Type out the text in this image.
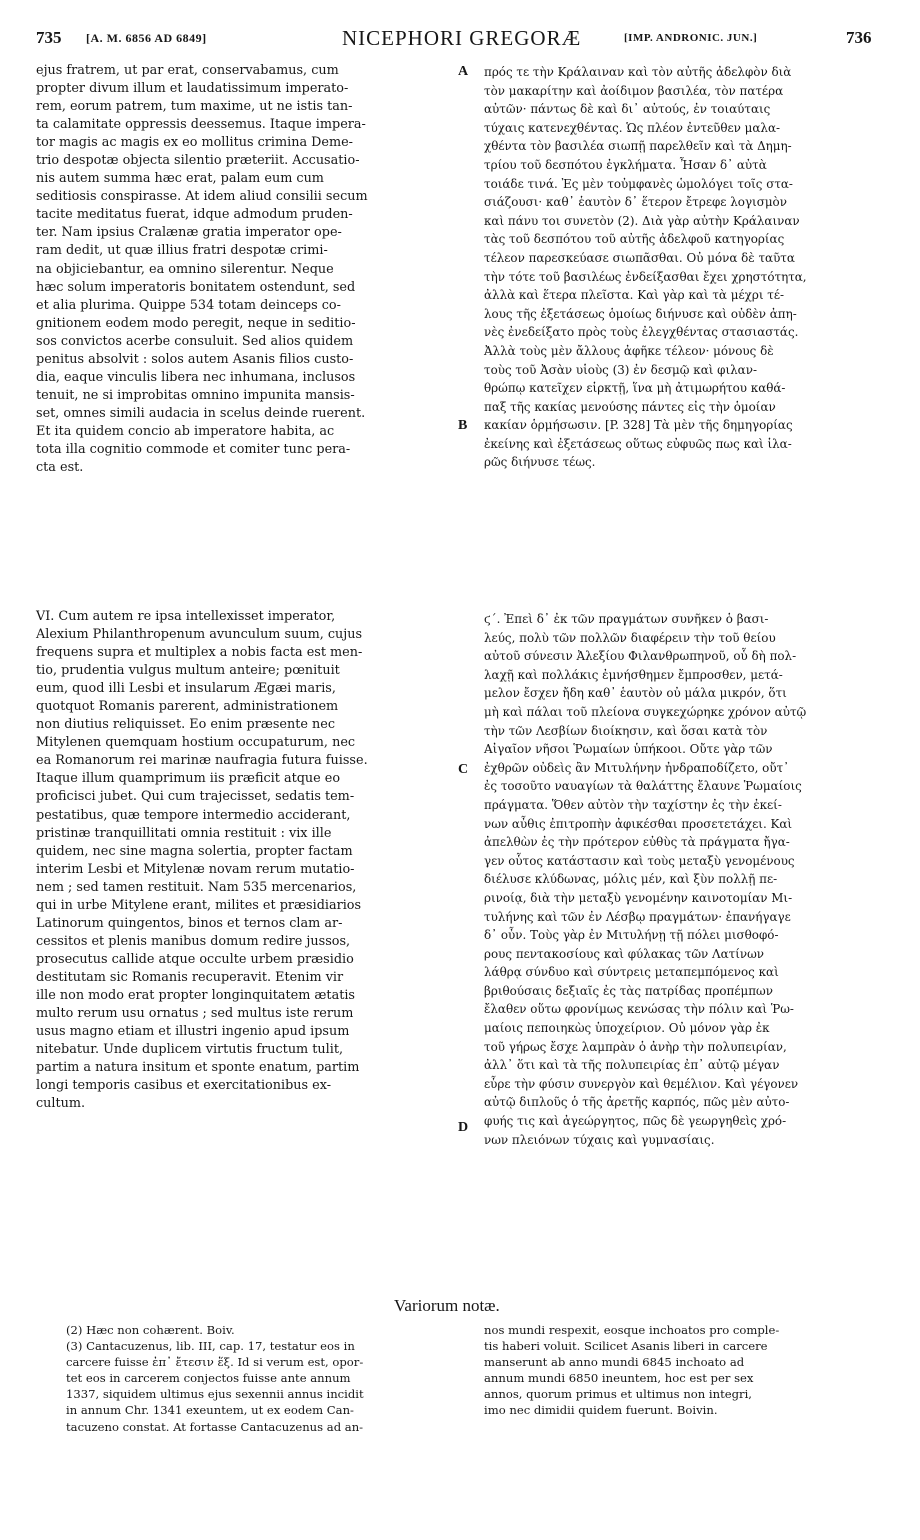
735 [A. M. 6856 AD 6849]	NICEPHORI GREGORÆ	[IMP. ANDRONIC. JUN.]	736
ejus fratrem, ut par erat, conservabamus, cum
propter divum illum et laudatissimum imperato-
rem, eorum patrem, tum maxime, ut ne istis tan-
ta calamitate oppressis deessemus. Itaque impera-
tor magis ac magis ex eo mollitus crimina Deme-
trio despotæ objecta silentio præteriit. Accusatio-
nis autem summa hæc erat, palam eum cum
seditiosis conspirasse. At idem aliud consilii secum
tacite meditatus fuerat, idque admodum pruden-
ter. Nam ipsius Cralænæ gratia imperator ope-
ram dedit, ut quæ illius fratri despotæ crimi-
na objiciebantur, ea omnino silerentur. Neque
hæc solum imperatoris bonitatem ostendunt, sed
et alia plurima. Quippe 534 totam deinceps co-
gnitionem eodem modo peregit, neque in seditio-
sos convictos acerbe consuluit. Sed alios quidem
penitus absolvit : solos autem Asanis filios custo-
dia, eaque vinculis libera nec inhumana, inclusos
tenuit, ne si improbitas omnino impunita mansis-
set, omnes simili audacia in scelus deinde ruerent.
Et ita quidem concio ab imperatore habita, ac
tota illa cognitio commode et comiter tunc pera-
cta est.
πρός τε τὴν Κράλαιναν καὶ τὸν αὐτῆς ἀδελφὸν διὰ
τὸν μακαρίτην καὶ ἀοίδιμον βασιλέα, τὸν πατέρα
αὐτῶν· πάντως δὲ καὶ δι᾽ αὐτούς, ἐν τοιαύταις
τύχαις κατενεχθέντας. Ὡς πλέον ἐντεῦθεν μαλα-
χθέντα τὸν βασιλέα σιωπῇ παρελθεῖν καὶ τὰ Δημη-
τρίου τοῦ δεσπότου ἐγκλήματα. Ἦσαν δ᾽ αὐτὰ
τοιάδε τινά. Ἐς μὲν τοὐμφανὲς ὡμολόγει τοῖς στα-
σιάζουσι· καθ᾽ ἑαυτὸν δ᾽ ἕτερον ἔτρεφε λογισμὸν
καὶ πάνυ τοι συνετὸν (2). Διὰ γὰρ αὐτὴν Κράλαιναν
τὰς τοῦ δεσπότου τοῦ αὐτῆς ἀδελφοῦ κατηγορίας
τέλεον παρεσκεύασε σιωπᾶσθαι. Οὐ μόνα δὲ ταῦτα
τὴν τότε τοῦ βασιλέως ἐνδείξασθαι ἔχει χρηστότητα,
ἀλλὰ καὶ ἕτερα πλεῖστα. Καὶ γὰρ καὶ τὰ μέχρι τέ-
λους τῆς ἐξετάσεως ὁμοίως διήνυσε καὶ οὐδὲν ἀπη-
νὲς ἐνεδείξατο πρὸς τοὺς ἐλεγχθέντας στασιαστάς.
Ἀλλὰ τοὺς μὲν ἄλλους ἀφῆκε τέλεον· μόνους δὲ
τοὺς τοῦ Ἀσὰν υἱοὺς (3) ἐν δεσμῷ καὶ φιλαν-
θρώπῳ κατεῖχεν εἱρκτῇ, ἵνα μὴ ἀτιμωρήτου καθά-
παξ τῆς κακίας μενούσης πάντες εἰς τὴν ὁμοίαν
κακίαν ὁρμήσωσιν. [P. 328] Τὰ μὲν τῆς δημηγορίας
ἐκείνης καὶ ἐξετάσεως οὕτως εὐφυῶς πως καὶ ἱλα-
ρῶς διήνυσε τέως.
VI. Cum autem re ipsa intellexisset imperator,
Alexium Philanthropenum avunculum suum, cujus
frequens supra et multiplex a nobis facta est men-
tio, prudentia vulgus multum anteire; pœnituit
eum, quod illi Lesbi et insularum Ægæi maris,
quotquot Romanis parerent, administrationem
non diutius reliquisset. Eo enim præsente nec
Mitylenen quemquam hostium occupaturum, nec
ea Romanorum rei marinæ naufragia futura fuisse.
Itaque illum quamprimum iis præficit atque eo
proficisci jubet. Qui cum trajecisset, sedatis tem-
pestatibus, quæ tempore intermedio acciderant,
pristinæ tranquillitati omnia restituit : vix ille
quidem, nec sine magna solertia, propter factam
interim Lesbi et Mitylenæ novam rerum mutatio-
nem ; sed tamen restituit. Nam 535 mercenarios,
qui in urbe Mitylene erant, milites et præsidiarios
Latinorum quingentos, binos et ternos clam ar-
cessitos et plenis manibus domum redire jussos,
prosecutus callide atque occulte urbem præsidio
destitutam sic Romanis recuperavit. Etenim vir
ille non modo erat propter longinquitatem ætatis
multo rerum usu ornatus ; sed multus iste rerum
usus magno etiam et illustri ingenio apud ipsum
nitebatur. Unde duplicem virtutis fructum tulit,
partim a natura insitum et sponte enatum, partim
longi temporis casibus et exercitationibus ex-
cultum.
ϛ΄. Ἐπεὶ δ᾽ ἐκ τῶν πραγμάτων συνῆκεν ὁ βασι-
λεύς, πολὺ τῶν πολλῶν διαφέρειν τὴν τοῦ θείου
αὐτοῦ σύνεσιν Ἀλεξίου Φιλανθρωπηνοῦ, οὗ δὴ πολ-
λαχῇ καὶ πολλάκις ἐμνήσθημεν ἔμπροσθεν, μετά-
μελον ἔσχεν ἤδη καθ᾽ ἑαυτὸν οὐ μάλα μικρόν, ὅτι
μὴ καὶ πάλαι τοῦ πλείονα συγκεχώρηκε χρόνον αὐτῷ
τὴν τῶν Λεσβίων διοίκησιν, καὶ ὅσαι κατὰ τὸν
Αἰγαῖον νῆσοι Ῥωμαίων ὑπήκοοι. Οὔτε γὰρ τῶν
ἐχθρῶν οὐδεὶς ἂν Μιτυλήνην ἠνδραποδίζετο, οὔτ᾽
ἐς τοσοῦτο ναυαγίων τὰ θαλάττης ἔλαυνε Ῥωμαίοις
πράγματα. Ὅθεν αὐτὸν τὴν ταχίστην ἐς τὴν ἐκεί-
νων αὖθις ἐπιτροπὴν ἀφικέσθαι προσετετάχει. Καὶ
ἀπελθὼν ἐς τὴν πρότερον εὐθὺς τὰ πράγματα ἤγα-
γεν οὗτος κατάστασιν καὶ τοὺς μεταξὺ γενομένους
διέλυσε κλύδωνας, μόλις μέν, καὶ ξὺν πολλῇ πε-
ρινοίᾳ, διὰ τὴν μεταξὺ γενομένην καινοτομίαν Μι-
τυλήνης καὶ τῶν ἐν Λέσβῳ πραγμάτων· ἐπανήγαγε
δ᾽ οὖν. Τοὺς γὰρ ἐν Μιτυλήνῃ τῇ πόλει μισθοφό-
ρους πεντακοσίους καὶ φύλακας τῶν Λατίνων
λάθρᾳ σύνδυο καὶ σύντρεις μεταπεμπόμενος καὶ
βριθούσαις δεξιαῖς ἐς τὰς πατρίδας προπέμπων
ἔλαθεν οὕτω φρονίμως κενώσας τὴν πόλιν καὶ Ῥω-
μαίοις πεποιηκὼς ὑποχείριον. Οὐ μόνον γὰρ ἐκ
τοῦ γήρως ἔσχε λαμπρὰν ὁ ἀνὴρ τὴν πολυπειρίαν,
ἀλλ᾽ ὅτι καὶ τὰ τῆς πολυπειρίας ἐπ᾽ αὐτῷ μέγαν
εὗρε τὴν φύσιν συνεργὸν καὶ θεμέλιον. Καὶ γέγονεν
αὐτῷ διπλοῦς ὁ τῆς ἀρετῆς καρπός, πῶς μὲν αὐτο-
φυής τις καὶ ἀγεώργητος, πῶς δὲ γεωργηθεὶς χρό-
νων πλειόνων τύχαις καὶ γυμνασίαις.
A
B
C
D
Variorum notæ.
(2) Hæc non cohærent. Boiv.
(3) Cantacuzenus, lib. III, cap. 17, testatur eos in
carcere fuisse ἐπ᾽ ἔτεσιν ἕξ. Id si verum est, opor-
tet eos in carcerem conjectos fuisse ante annum
1337, siquidem ultimus ejus sexennii annus incidit
in annum Chr. 1341 exeuntem, ut ex eodem Can-
tacuzeno constat. At fortasse Cantacuzenus ad an-
nos mundi respexit, eosque inchoatos pro comple-
tis haberi voluit. Scilicet Asanis liberi in carcere
manserunt ab anno mundi 6845 inchoato ad
annum mundi 6850 ineuntem, hoc est per sex
annos, quorum primus et ultimus non integri,
imo nec dimidii quidem fuerunt. Boivin.
